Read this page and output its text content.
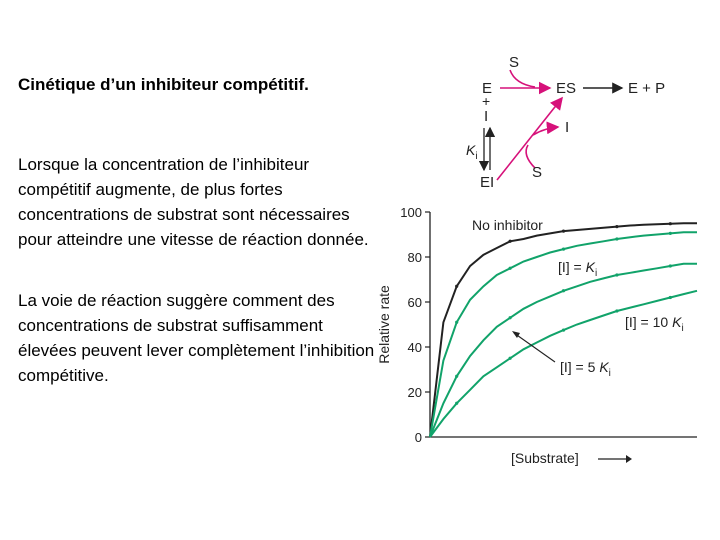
Cinétique d’un inhibiteur compétitif.
Lorsque la concentration de l’inhibiteur compétitif augmente, de plus fortes concentrations de substrat sont nécessaires pour atteindre une vitesse de réaction donnée.
La voie de réaction suggère comment des concentrations de substrat suffisamment élevées peuvent lever complètement l’inhibition compétitive.
S
E	ES	E + P
+
I
$K_i$
EI
I
S
0
20
40
60
80
100
Relative rate
[Substrate]
No inhibitor
$[I] = K_i$
[I] = 10 $K_i$
[I] = 5 $K_i$
